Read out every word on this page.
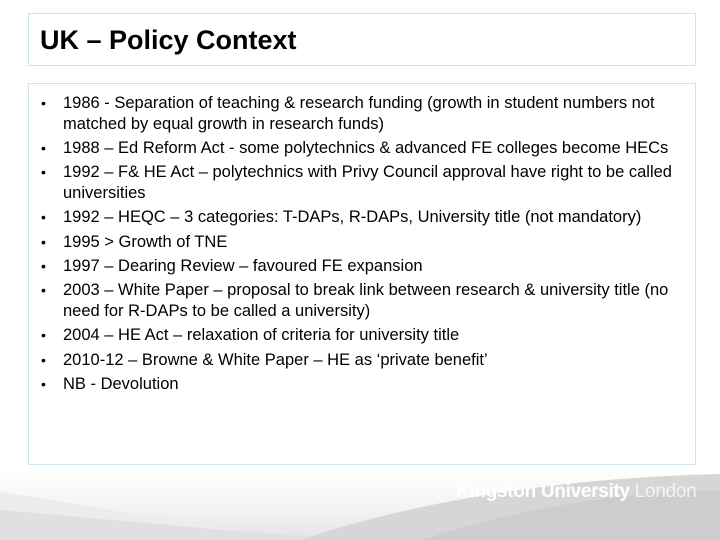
UK – Policy Context
• 1986 - Separation of teaching & research funding (growth in student numbers not matched by equal growth in research funds)
• 1988 – Ed Reform Act - some polytechnics & advanced FE colleges become HECs
• 1992 – F& HE Act – polytechnics with Privy Council approval have right to be called universities
• 1992 – HEQC – 3 categories: T-DAPs, R-DAPs, University title (not mandatory)
• 1995 > Growth of TNE
• 1997 – Dearing Review – favoured FE expansion
• 2003 – White Paper – proposal to break link between research & university title (no need for R-DAPs to be called a university)
• 2004 – HE Act – relaxation of criteria for university title
• 2010-12 – Browne & White Paper – HE as ‘private benefit’
• NB - Devolution
Kingston University London
